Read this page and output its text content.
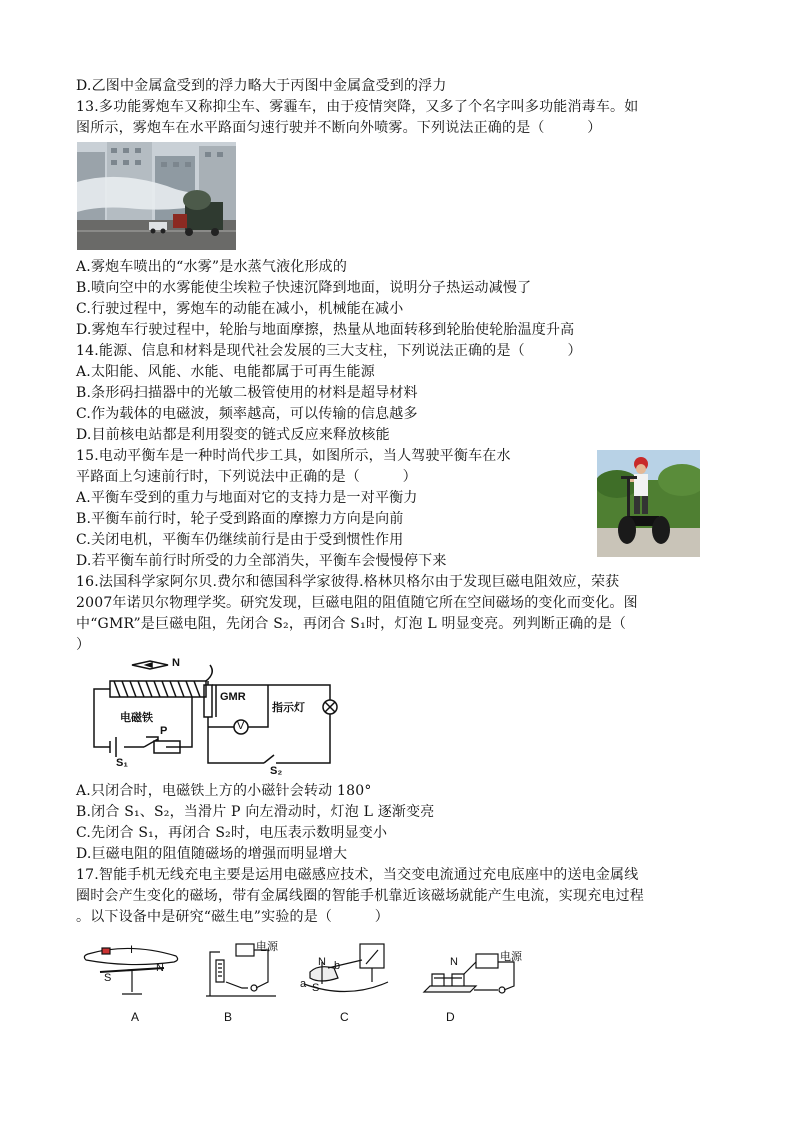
D.乙图中金属盒受到的浮力略大于丙图中金属盒受到的浮力
13.多功能雾炮车又称抑尘车、雾霾车，由于疫情突降，又多了个名字叫多功能消毒车。如
图所示，雾炮车在水平路面匀速行驶并不断向外喷雾。下列说法正确的是（　　　）
A.雾炮车喷出的“水雾”是水蒸气液化形成的
B.喷向空中的水雾能使尘埃粒子快速沉降到地面，说明分子热运动减慢了
C.行驶过程中，雾炮车的动能在减小，机械能在减小
D.雾炮车行驶过程中，轮胎与地面摩擦，热量从地面转移到轮胎使轮胎温度升高
14.能源、信息和材料是现代社会发展的三大支柱，下列说法正确的是（　　　）
A.太阳能、风能、水能、电能都属于可再生能源
B.条形码扫描器中的光敏二极管使用的材料是超导材料
C.作为载体的电磁波，频率越高，可以传输的信息越多
D.目前核电站都是利用裂变的链式反应来释放核能
15.电动平衡车是一种时尚代步工具，如图所示，当人驾驶平衡车在水
平路面上匀速前行时，下列说法中正确的是（　　　）
A.平衡车受到的重力与地面对它的支持力是一对平衡力
B.平衡车前行时，轮子受到路面的摩擦力方向是向前
C.关闭电机，平衡车仍继续前行是由于受到惯性作用
D.若平衡车前行时所受的力全部消失，平衡车会慢慢停下来
16.法国科学家阿尔贝.费尔和德国科学家彼得.格林贝格尔由于发现巨磁电阻效应，荣获
2007年诺贝尔物理学奖。研究发现，巨磁电阻的阻值随它所在空间磁场的变化而变化。图
中“GMR”是巨磁电阻，先闭合 S₂，再闭合 S₁时，灯泡 L 明显变亮。列判断正确的是（
）
N
GMR
电磁铁
指示灯
S₁
S₂
P	V
A.只闭合时，电磁铁上方的小磁针会转动 180°
B.闭合 S₁、S₂，当滑片 P 向左滑动时，灯泡 L 逐渐变亮
C.先闭合 S₁，再闭合 S₂时，电压表示数明显变小
D.巨磁电阻的阻值随磁场的增强而明显增大
17.智能手机无线充电主要是运用电磁感应技术，当交变电流通过充电底座中的送电金属线
圈时会产生变化的磁场，带有金属线圈的智能手机靠近该磁场就能产生电流，实现充电过程
。以下设备中是研究“磁生电”实验的是（　　　）
I
N
S
电源
N b
a S
N	电源
A	B	C	D
